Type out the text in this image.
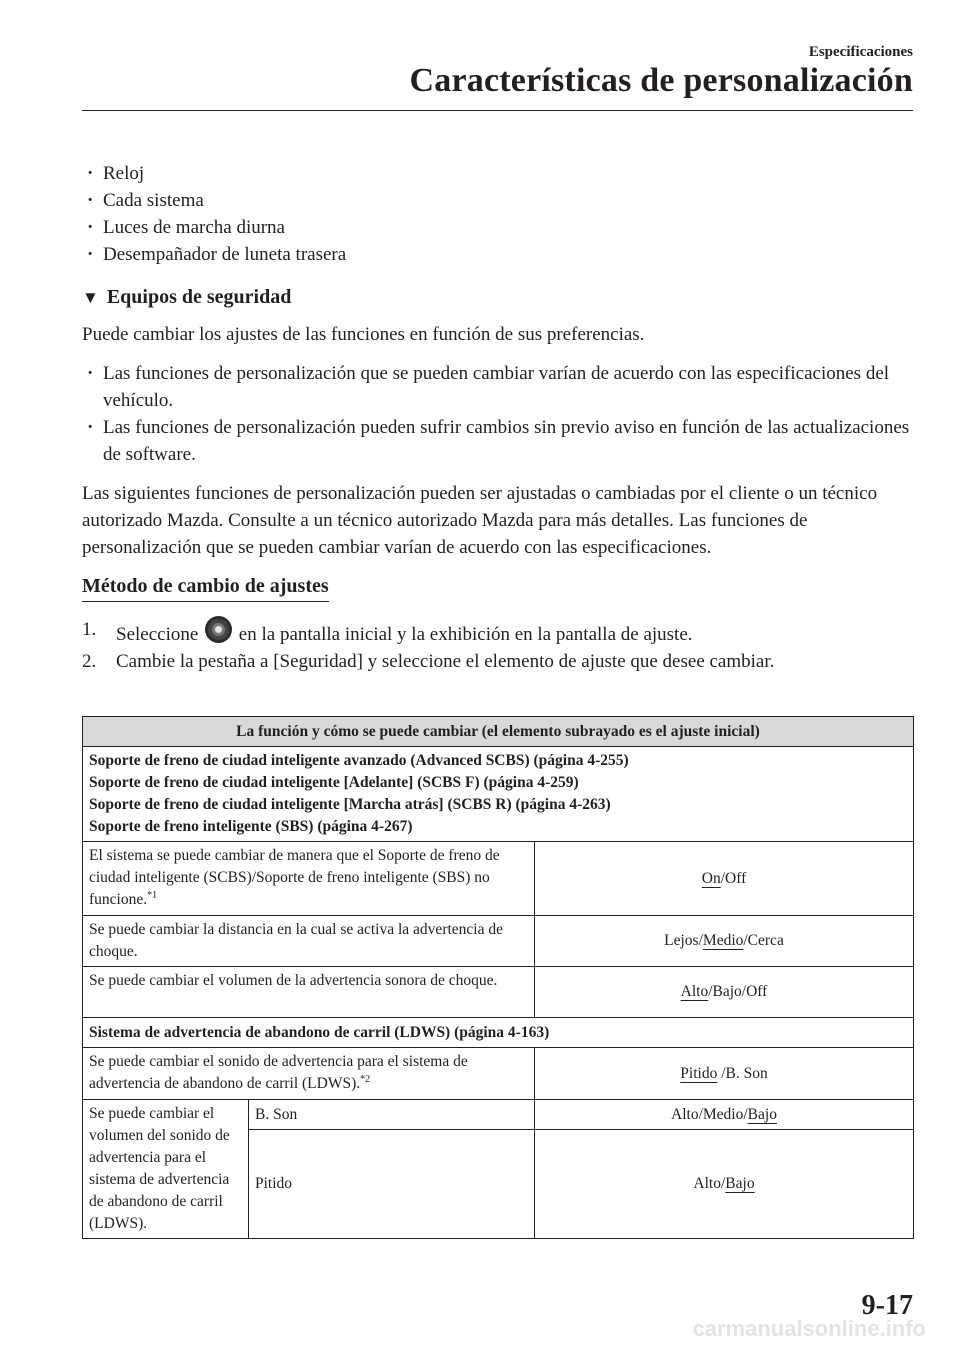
Especificaciones
Características de personalización
· Reloj
· Cada sistema
· Luces de marcha diurna
· Desempañador de luneta trasera
▼ Equipos de seguridad

Puede cambiar los ajustes de las funciones en función de sus preferencias.

· Las funciones de personalización que se pueden cambiar varían de acuerdo con las especificaciones del vehículo.
· Las funciones de personalización pueden sufrir cambios sin previo aviso en función de las actualizaciones de software.

Las siguientes funciones de personalización pueden ser ajustadas o cambiadas por el cliente o un técnico autorizado Mazda. Consulte a un técnico autorizado Mazda para más detalles. Las funciones de personalización que se pueden cambiar varían de acuerdo con las especificaciones.

Método de cambio de ajustes
1. Seleccione en la pantalla inicial y la exhibición en la pantalla de ajuste.
2. Cambie la pestaña a [Seguridad] y seleccione el elemento de ajuste que desee cambiar.
La función y cómo se puede cambiar (el elemento subrayado es el ajuste inicial)		

Soporte de freno de ciudad inteligente avanzado (Advanced SCBS) (página 4-255)
Soporte de freno de ciudad inteligente [Adelante] (SCBS F) (página 4-259)
Soporte de freno de ciudad inteligente [Marcha atrás] (SCBS R) (página 4-263)
Soporte de freno inteligente (SBS) (página 4-267)		

El sistema se puede cambiar de manera que el Soporte de freno de ciudad inteligente (SCBS)/Soporte de freno inteligente (SBS) no funcione.$^{*1}$		On/Off
Se puede cambiar la distancia en la cual se activa la advertencia de choque.		Lejos/Medio/Cerca
Se puede cambiar el volumen de la advertencia sonora de choque.		Alto/Bajo/Off
Sistema de advertencia de abandono de carril (LDWS) (página 4-163)		
Se puede cambiar el sonido de advertencia para el sistema de advertencia de abandono de carril (LDWS).$^{*2}$		Pitido /B. Son
Se puede cambiar el volumen del sonido de advertencia para el sistema de advertencia de abandono de carril (LDWS).	B. Son	Alto/Medio/Bajo
	Pitido	Alto/Bajo
9-17
carmanualsonline.info
